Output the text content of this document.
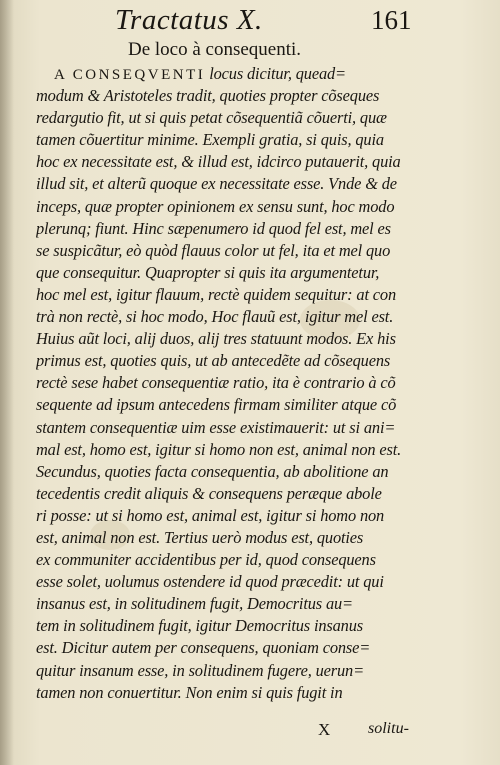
Tractatus X.	161
De loco à consequenti.
A CONSEQVENTI locus dicitur, quead=
modum & Aristoteles tradit, quoties propter cõseques
redargutio fit, ut si quis petat cõsequentiã cõuerti, quæ
tamen cõuertitur minime. Exempli gratia, si quis, quia
hoc ex necessitate est, & illud est, idcirco putauerit, quia
illud sit, et alterũ quoque ex necessitate esse. Vnde & de
inceps, quæ propter opinionem ex sensu sunt, hoc modo
plerunq; fiunt. Hinc sæpenumero id quod fel est, mel es
se suspicãtur, eò quòd flauus color ut fel, ita et mel quo
que consequitur. Quapropter si quis ita argumentetur,
hoc mel est, igitur flauum, rectè quidem sequitur: at con
trà non rectè, si hoc modo, Hoc flauũ est, igitur mel est.
Huius aũt loci, alij duos, alij tres statuunt modos. Ex his
primus est, quoties quis, ut ab antecedẽte ad cõsequens
rectè sese habet consequentiæ ratio, ita è contrario à cõ
sequente ad ipsum antecedens firmam similiter atque cõ
stantem consequentiæ uim esse existimauerit: ut si ani=
mal est, homo est, igitur si homo non est, animal non est.
Secundus, quoties facta consequentia, ab abolitione an
tecedentis credit aliquis & consequens peræque abole
ri posse: ut si homo est, animal est, igitur si homo non
est, animal non est. Tertius uerò modus est, quoties
ex communiter accidentibus per id, quod consequens
esse solet, uolumus ostendere id quod præcedit: ut qui
insanus est, in solitudinem fugit, Democritus au=
tem in solitudinem fugit, igitur Democritus insanus
est. Dicitur autem per consequens, quoniam conse=
quitur insanum esse, in solitudinem fugere, uerun=
tamen non conuertitur. Non enim si quis fugit in
X solitu-
